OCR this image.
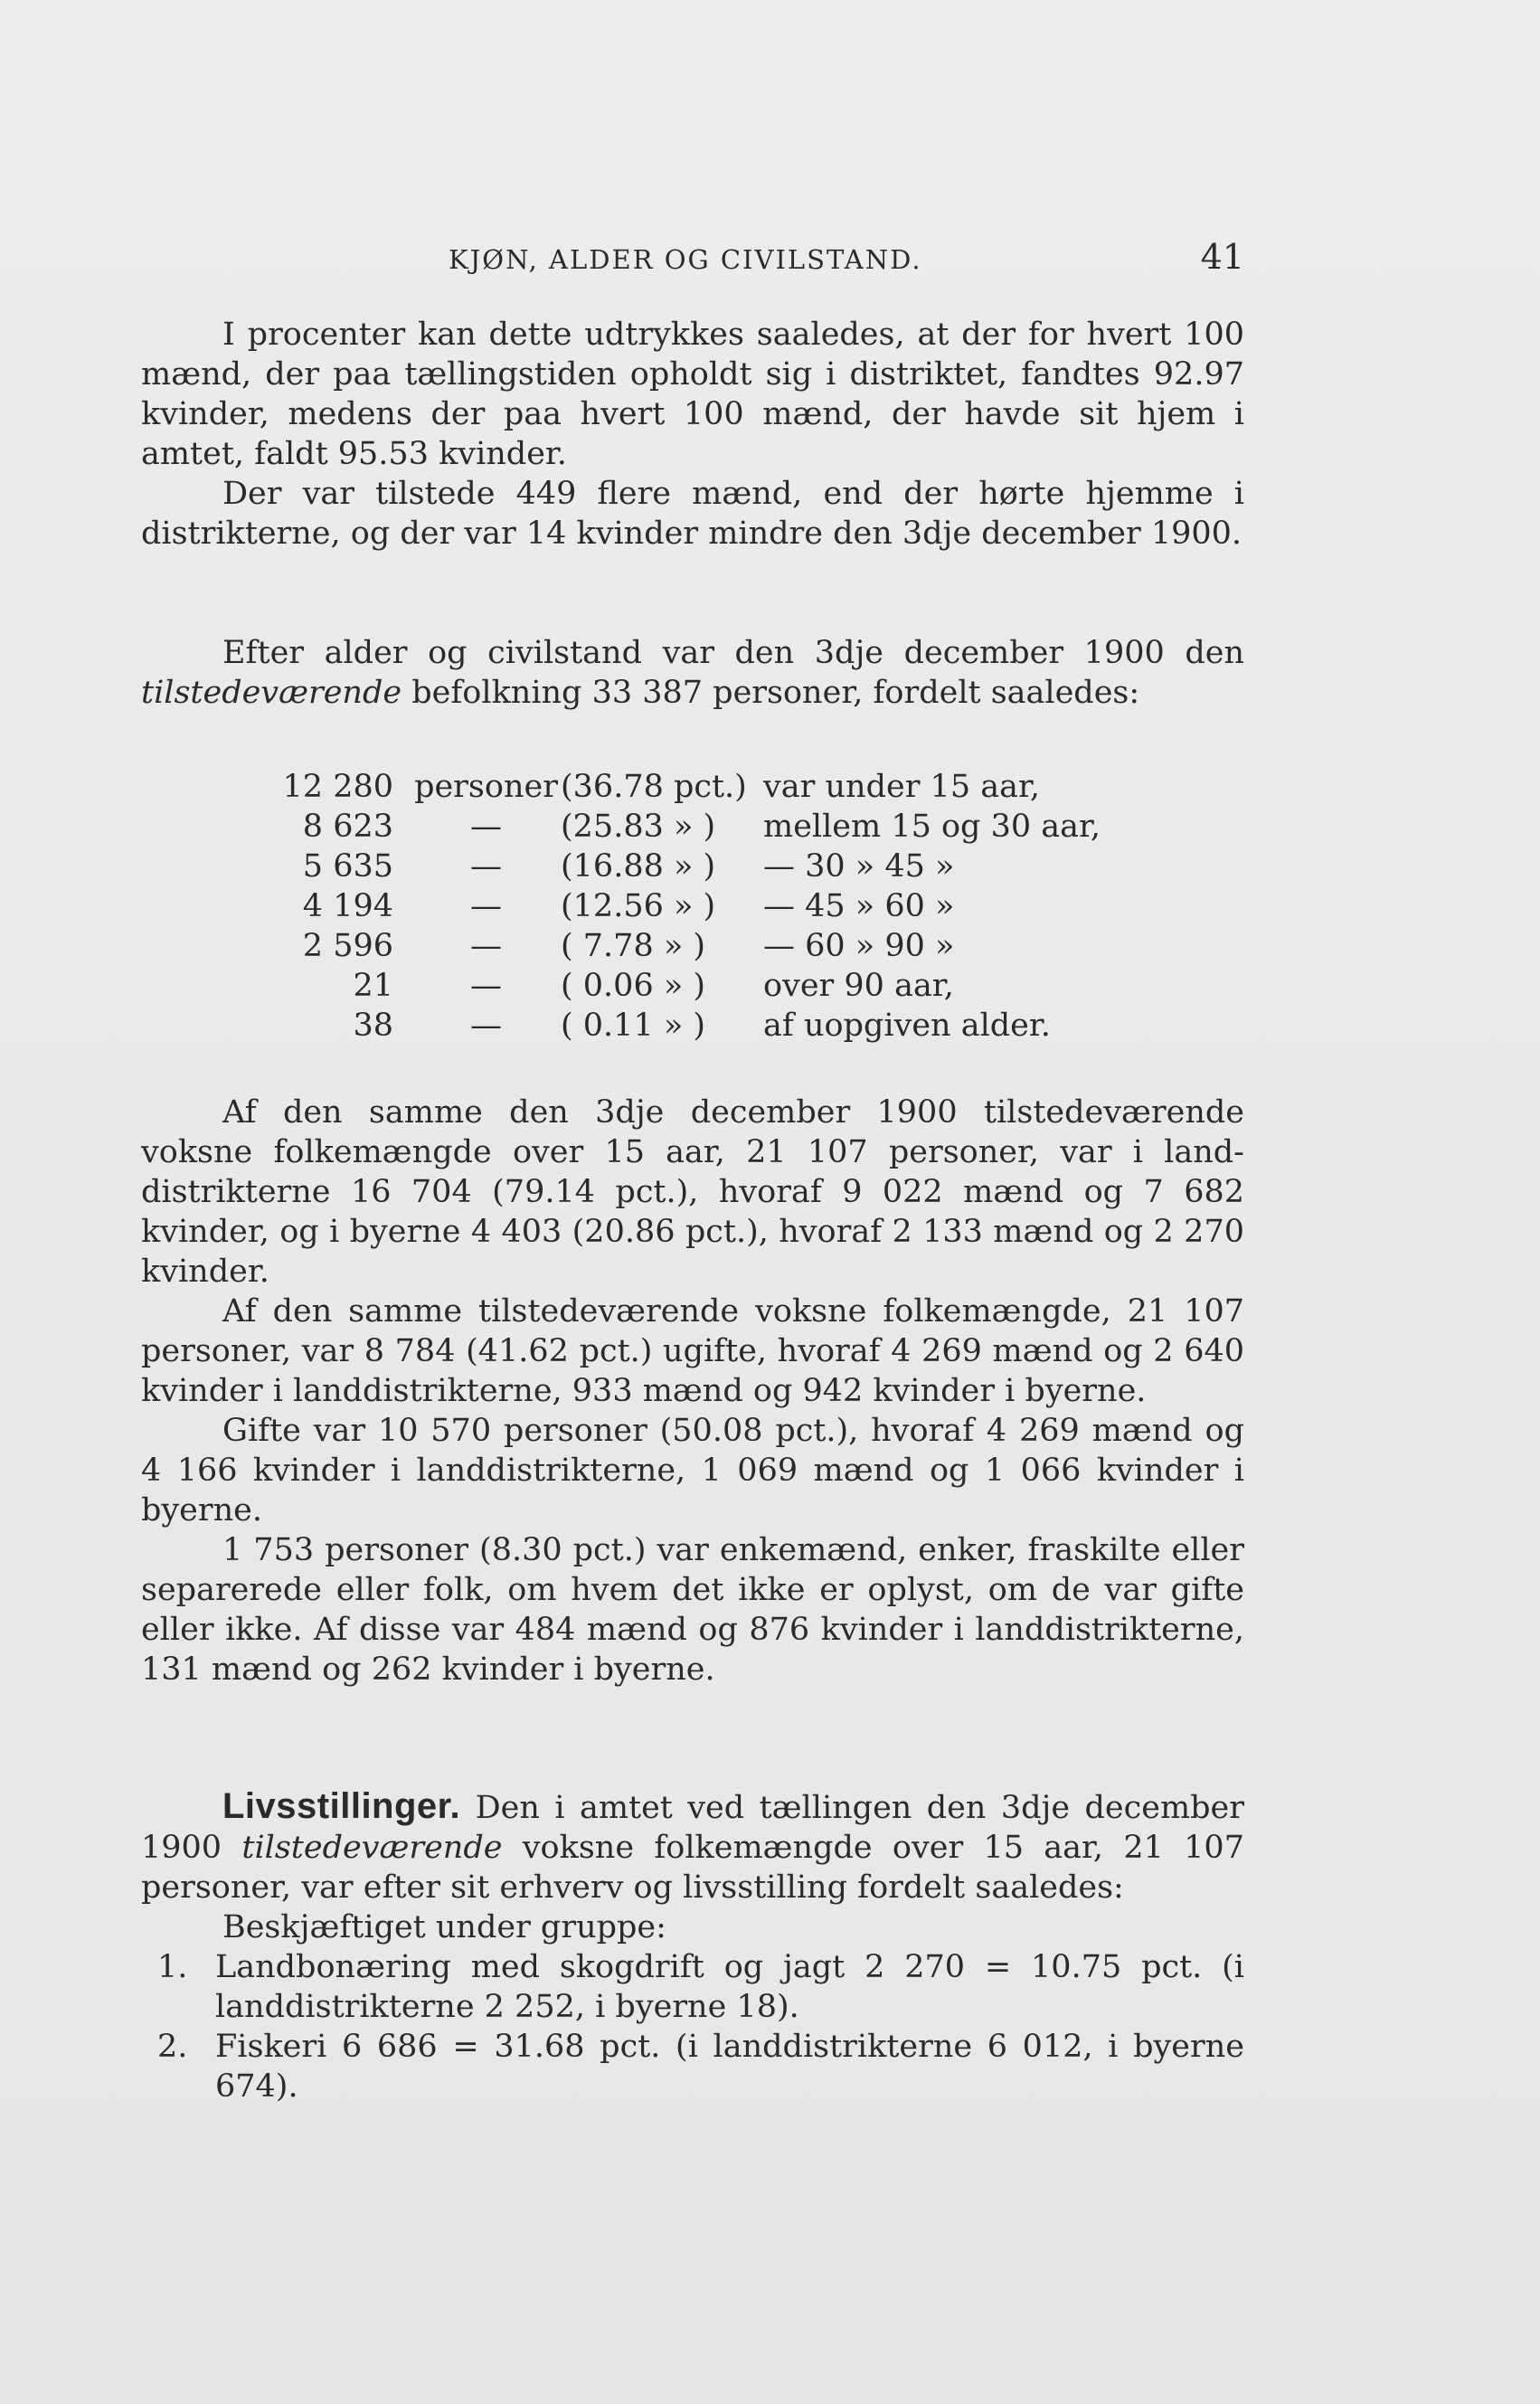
KJØN, ALDER OG CIVILSTAND.	41

I procenter kan dette udtrykkes saaledes, at der for hvert 100 mænd, der paa tællingstiden opholdt sig i distriktet, fandtes 92.97 kvinder, medens der paa hvert 100 mænd, der havde sit hjem i amtet, faldt 95.53 kvinder.

Der var tilstede 449 flere mænd, end der hørte hjemme i distrikterne, og der var 14 kvinder mindre den 3dje december 1900.

Efter alder og civilstand var den 3dje december 1900 den tilstedeværende befolkning 33 387 personer, fordelt saaledes:

12 280	personer	(36.78 pct.)	var under 15 aar,
8 623	—	(25.83 » )	mellem 15 og 30 aar,
5 635	—	(16.88 » )	— 30 » 45 »
4 194	—	(12.56 » )	— 45 » 60 »
2 596	—	( 7.78 » )	— 60 » 90 »
21	—	( 0.06 » )	over 90 aar,
38	—	( 0.11 » )	af uopgiven alder.

Af den samme den 3dje december 1900 tilstedeværende voksne folkemængde over 15 aar, 21 107 personer, var i landdistrikterne 16 704 (79.14 pct.), hvoraf 9 022 mænd og 7 682 kvinder, og i byerne 4 403 (20.86 pct.), hvoraf 2 133 mænd og 2 270 kvinder.

Af den samme tilstedeværende voksne folkemængde, 21 107 personer, var 8 784 (41.62 pct.) ugifte, hvoraf 4 269 mænd og 2 640 kvinder i landdistrikterne, 933 mænd og 942 kvinder i byerne.

Gifte var 10 570 personer (50.08 pct.), hvoraf 4 269 mænd og 4 166 kvinder i landdistrikterne, 1 069 mænd og 1 066 kvinder i byerne.

1 753 personer (8.30 pct.) var enkemænd, enker, fraskilte eller separerede eller folk, om hvem det ikke er oplyst, om de var gifte eller ikke. Af disse var 484 mænd og 876 kvinder i landdistrikterne, 131 mænd og 262 kvinder i byerne.

Livsstillinger. Den i amtet ved tællingen den 3dje december 1900 tilstedeværende voksne folkemængde over 15 aar, 21 107 personer, var efter sit erhverv og livsstilling fordelt saaledes:

Beskjæftiget under gruppe:
1. Landbonæring med skogdrift og jagt 2 270 = 10.75 pct. (i landdistrikterne 2 252, i byerne 18).
2. Fiskeri 6 686 = 31.68 pct. (i landdistrikterne 6 012, i byerne 674).
